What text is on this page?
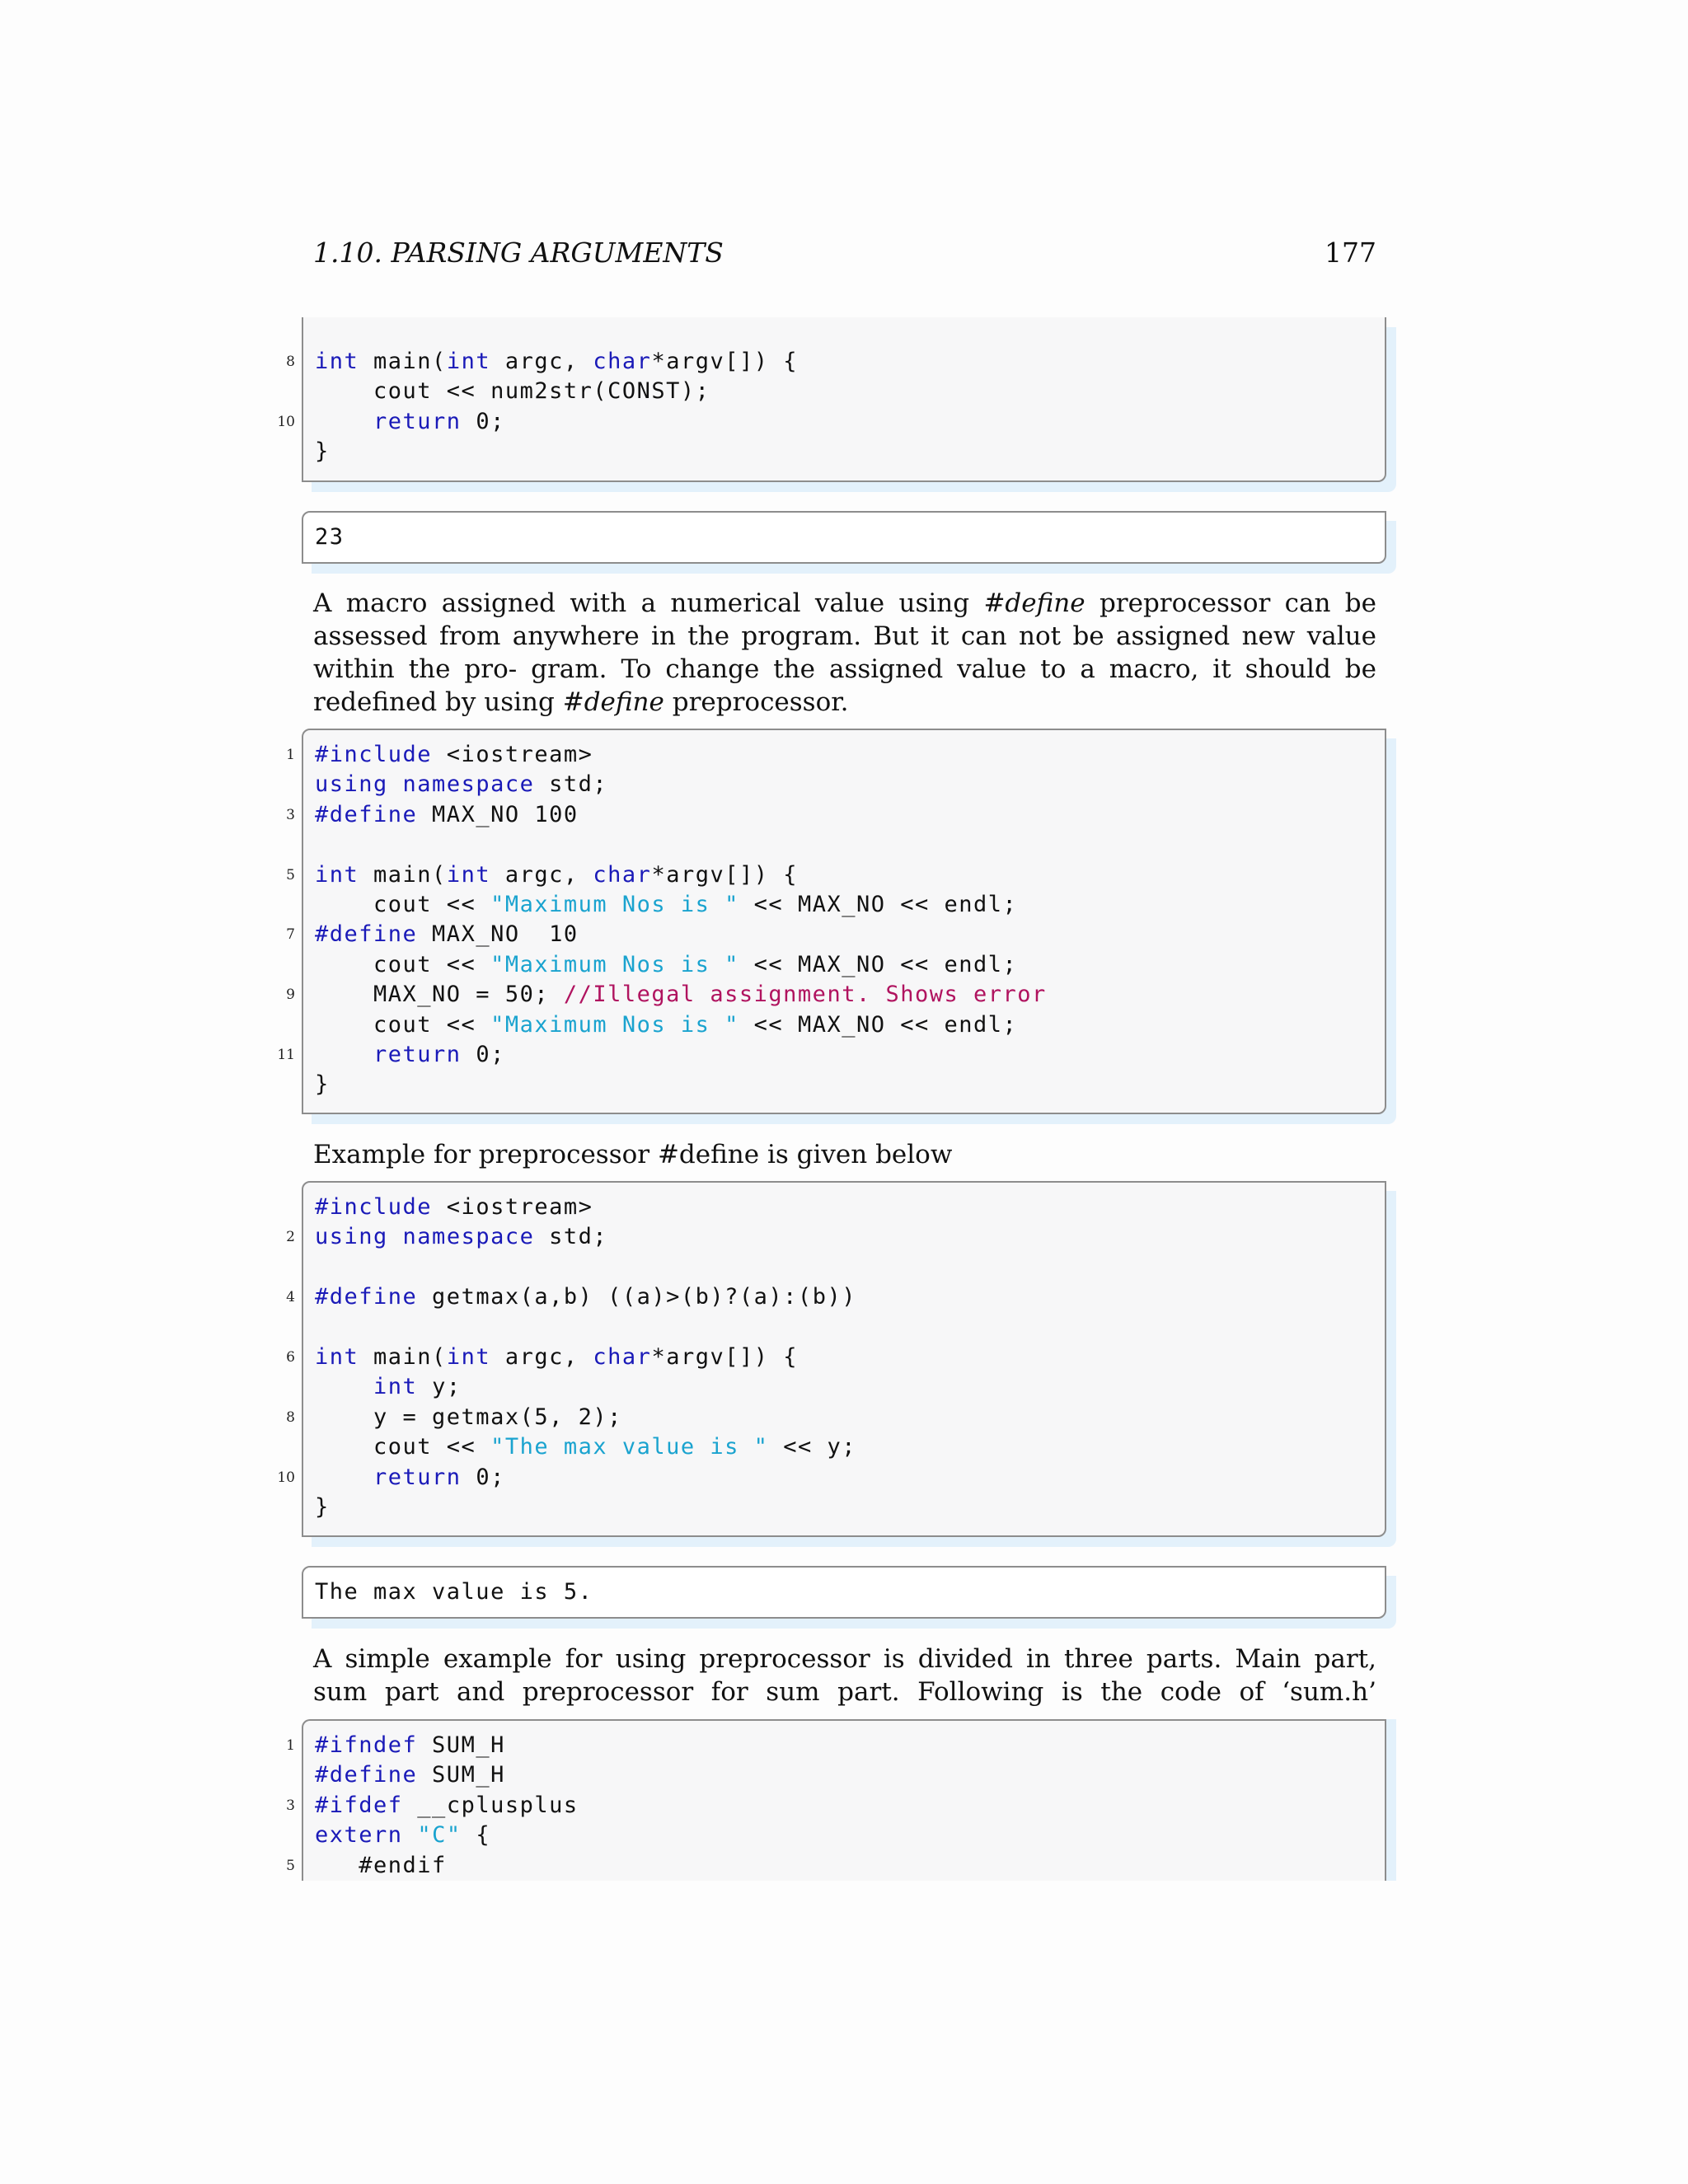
1.10. PARSING ARGUMENTS	177
8 int main(int argc, char*argv[]) {
cout << num2str(CONST);
10	return 0;
}
23
A macro assigned with a numerical value using #define preprocessor can be assessed from anywhere in the program. But it can not be assigned new value within the pro- gram. To change the assigned value to a macro, it should be redefined by using #define preprocessor.
1 #include <iostream>
using namespace std;
3 #define MAX_NO 100
5 int main(int argc, char*argv[]) {
cout << "Maximum Nos is " << MAX_NO << endl;
7 #define MAX_NO  10
cout << "Maximum Nos is " << MAX_NO << endl;
9 MAX_NO = 50; //Illegal assignment. Shows error
cout << "Maximum Nos is " << MAX_NO << endl;
11	return 0;
}
Example for preprocessor #define is given below
#include <iostream>
2 using namespace std;
4 #define getmax(a,b) ((a)>(b)?(a):(b))
6 int main(int argc, char*argv[]) {
int y;
8 y = getmax(5, 2);
cout << "The max value is " << y;
10	return 0;
}
The max value is 5.
A simple example for using preprocessor is divided in three parts. Main part, sum part and preprocessor for sum part. Following is the code of ‘sum.h’
1 #ifndef SUM_H
#define SUM_H
3 #ifdef __cplusplus
extern "C" {
5 #endif
